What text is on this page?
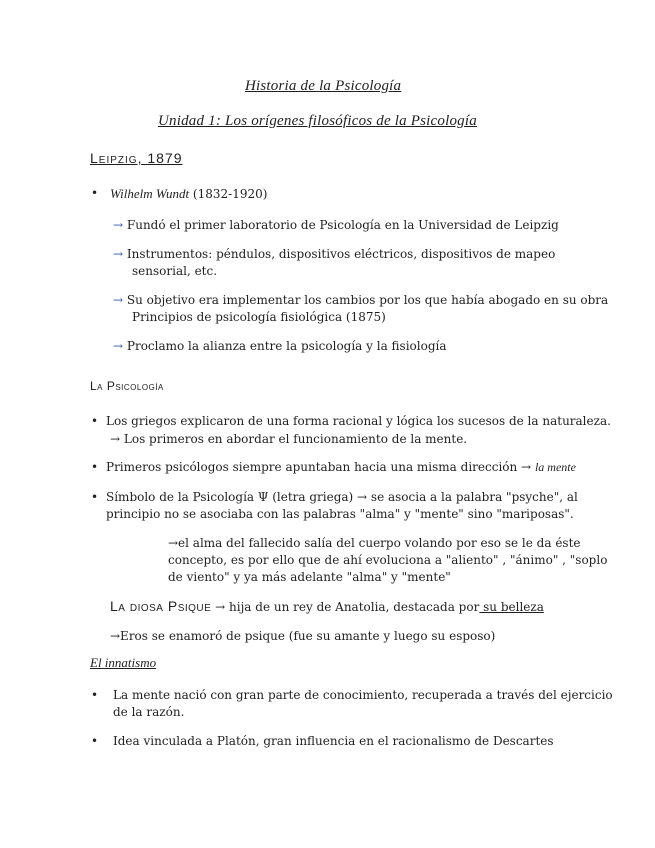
Historia de la Psicología
Unidad 1: Los orígenes filosóficos de la Psicología
Leipzig, 1879
• Wilhelm Wundt (1832-1920)
→ Fundó el primer laboratorio de Psicología en la Universidad de Leipzig
→ Instrumentos: péndulos, dispositivos eléctricos, dispositivos de mapeo
sensorial, etc.
→ Su objetivo era implementar los cambios por los que había abogado en su obra
Principios de psicología fisiológica (1875)
→ Proclamo la alianza entre la psicología y la fisiología
La Psicología
• Los griegos explicaron de una forma racional y lógica los sucesos de la naturaleza.
→ Los primeros en abordar el funcionamiento de la mente.
• Primeros psicólogos siempre apuntaban hacia una misma dirección → la mente
• Símbolo de la Psicología Ψ (letra griega) → se asocia a la palabra "psyche", al
principio no se asociaba con las palabras "alma" y "mente" sino "mariposas".
→el alma del fallecido salía del cuerpo volando por eso se le da éste
concepto, es por ello que de ahí evoluciona a "aliento" , "ánimo" , "soplo
de viento" y ya más adelante "alma" y "mente"
La diosa Psique → hija de un rey de Anatolia, destacada por su belleza
→Eros se enamoró de psique (fue su amante y luego su esposo)
El innatismo
• La mente nació con gran parte de conocimiento, recuperada a través del ejercicio
de la razón.
• Idea vinculada a Platón, gran influencia en el racionalismo de Descartes
